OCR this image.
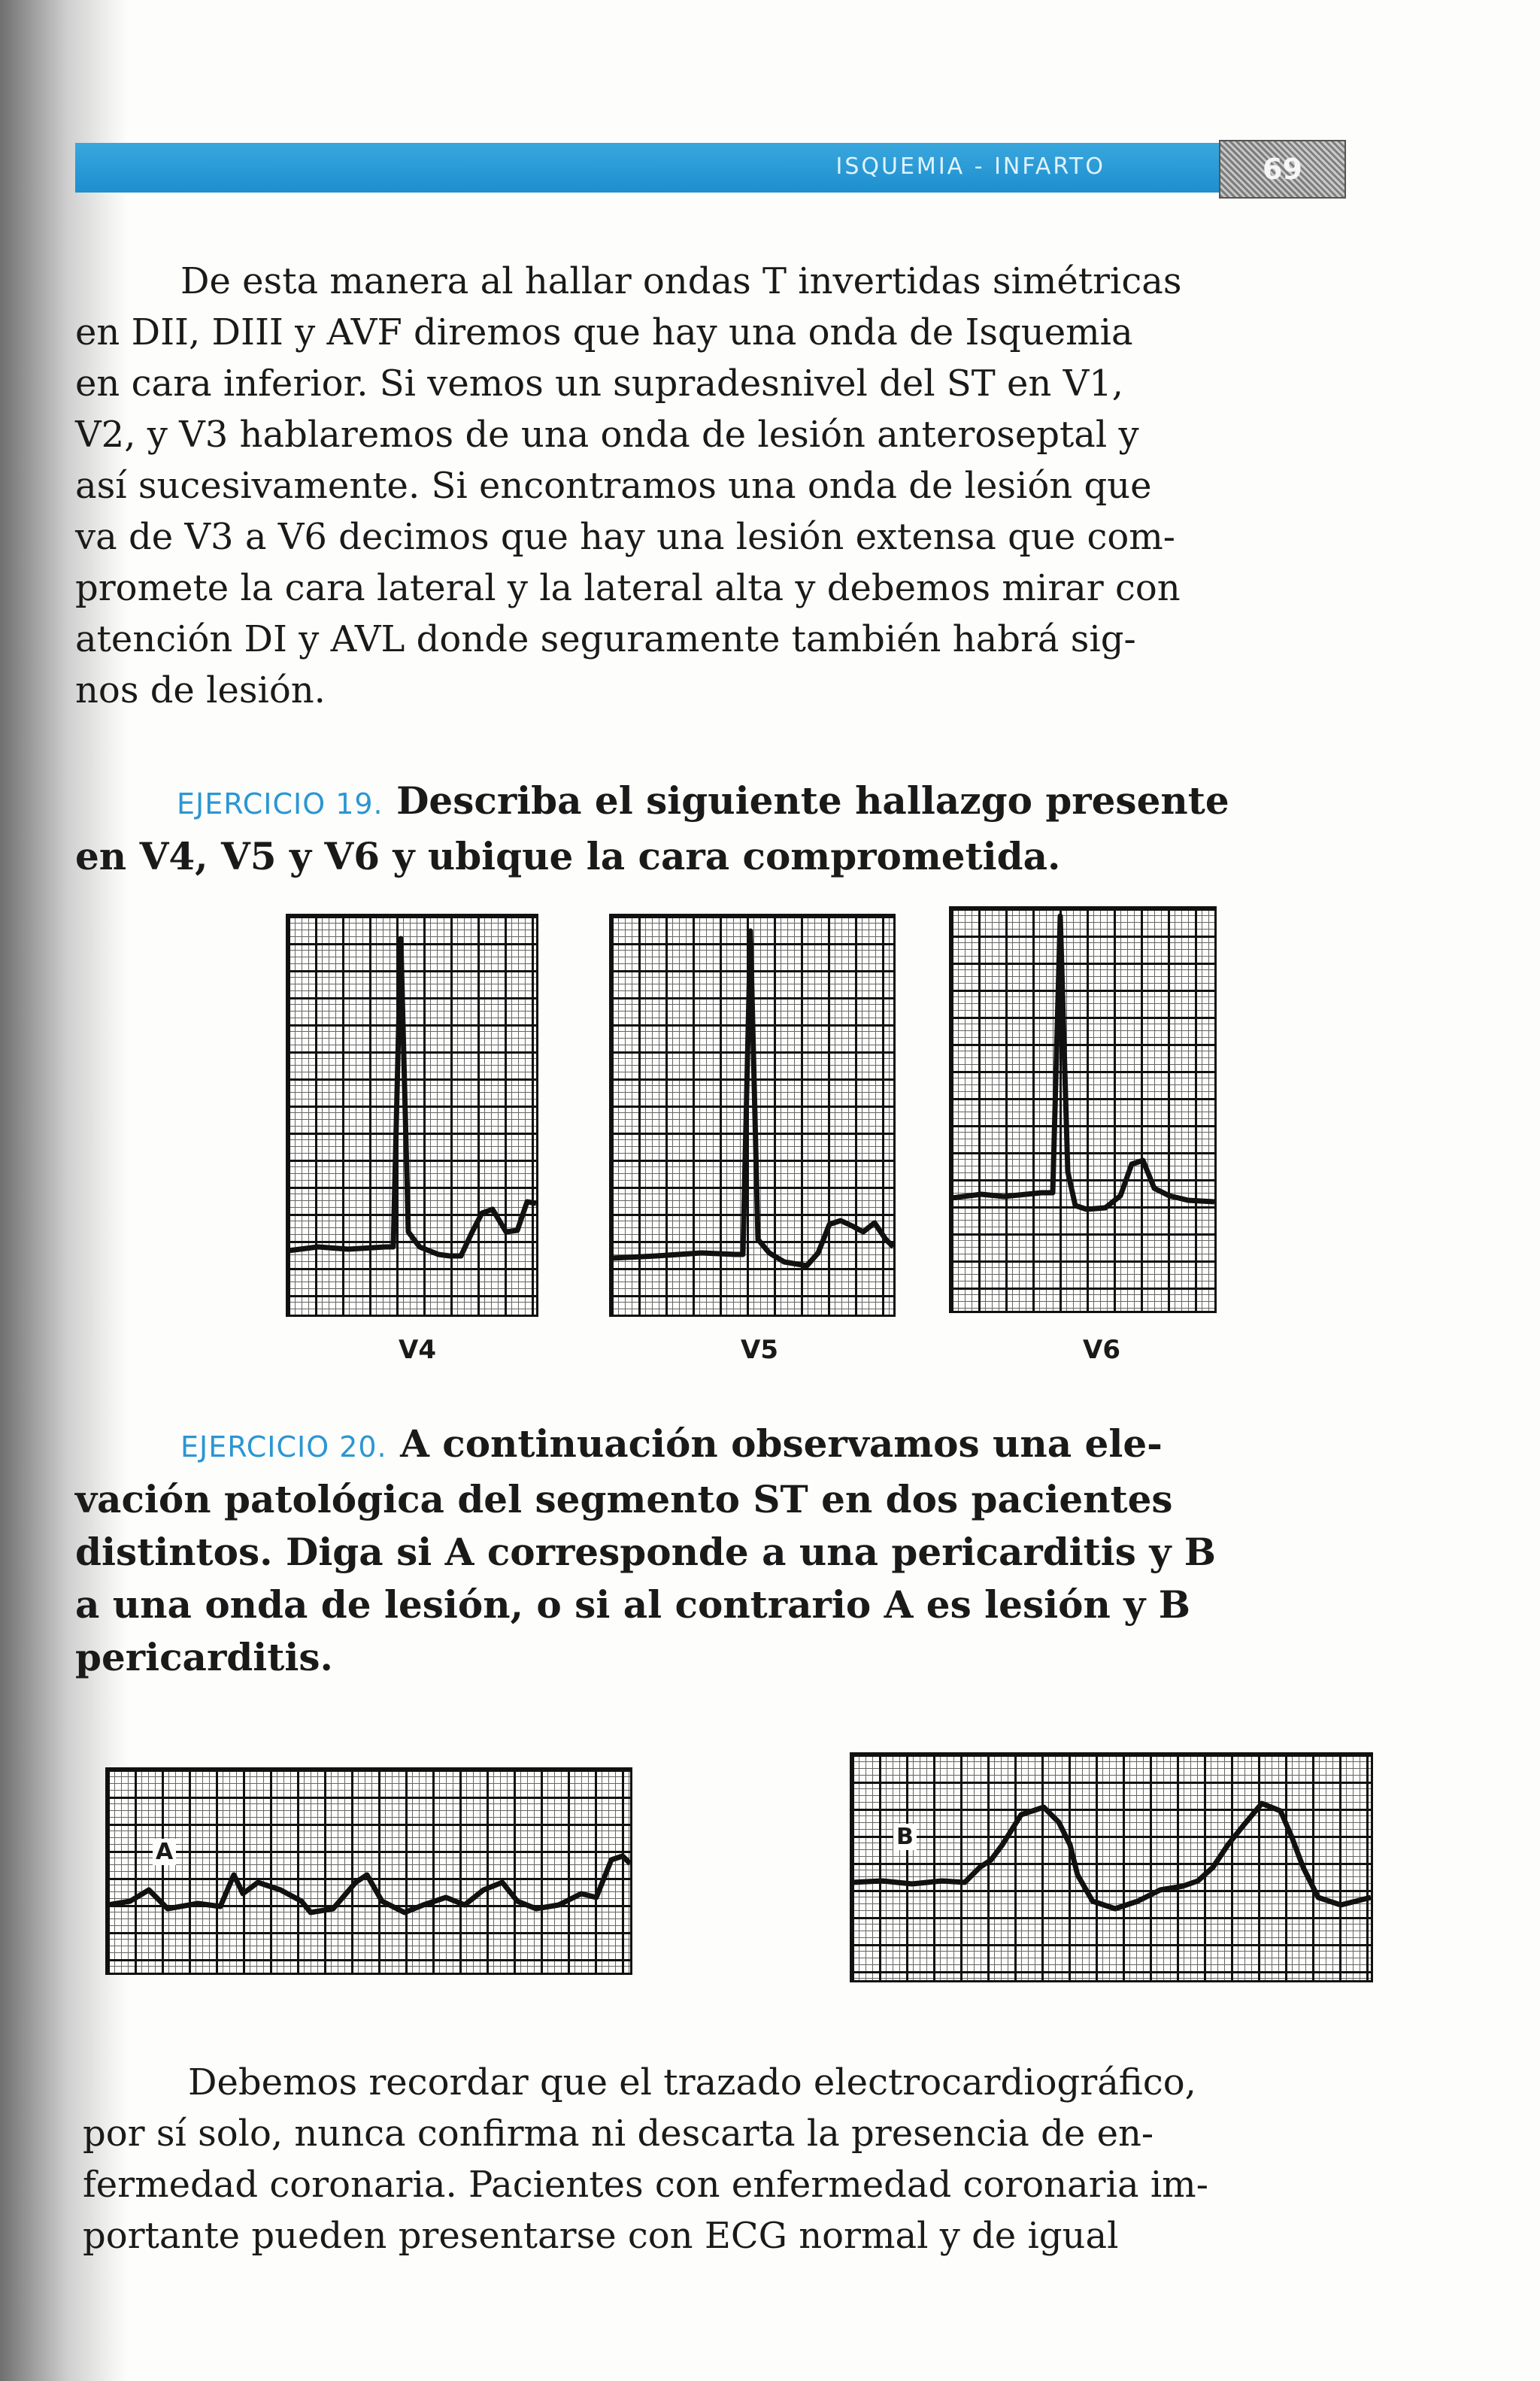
ISQUEMIA - INFARTO	69

De esta manera al hallar ondas T invertidas simétricas
en DII, DIII y AVF diremos que hay una onda de Isquemia
en cara inferior. Si vemos un supradesnivel del ST en V1,
V2, y V3 hablaremos de una onda de lesión anteroseptal y
así sucesivamente. Si encontramos una onda de lesión que
va de V3 a V6 decimos que hay una lesión extensa que com-
promete la cara lateral y la lateral alta y debemos mirar con
atención DI y AVL donde seguramente también habrá sig-
nos de lesión.

EJERCICIO 19. Describa el siguiente hallazgo presente
en V4, V5 y V6 y ubique la cara comprometida.

V4	V5	V6

EJERCICIO 20. A continuación observamos una ele-
vación patológica del segmento ST en dos pacientes
distintos. Diga si A corresponde a una pericarditis y B
a una onda de lesión, o si al contrario A es lesión y B
pericarditis.

A
B

Debemos recordar que el trazado electrocardiográfico,
por sí solo, nunca confirma ni descarta la presencia de en-
fermedad coronaria. Pacientes con enfermedad coronaria im-
portante pueden presentarse con ECG normal y de igual
